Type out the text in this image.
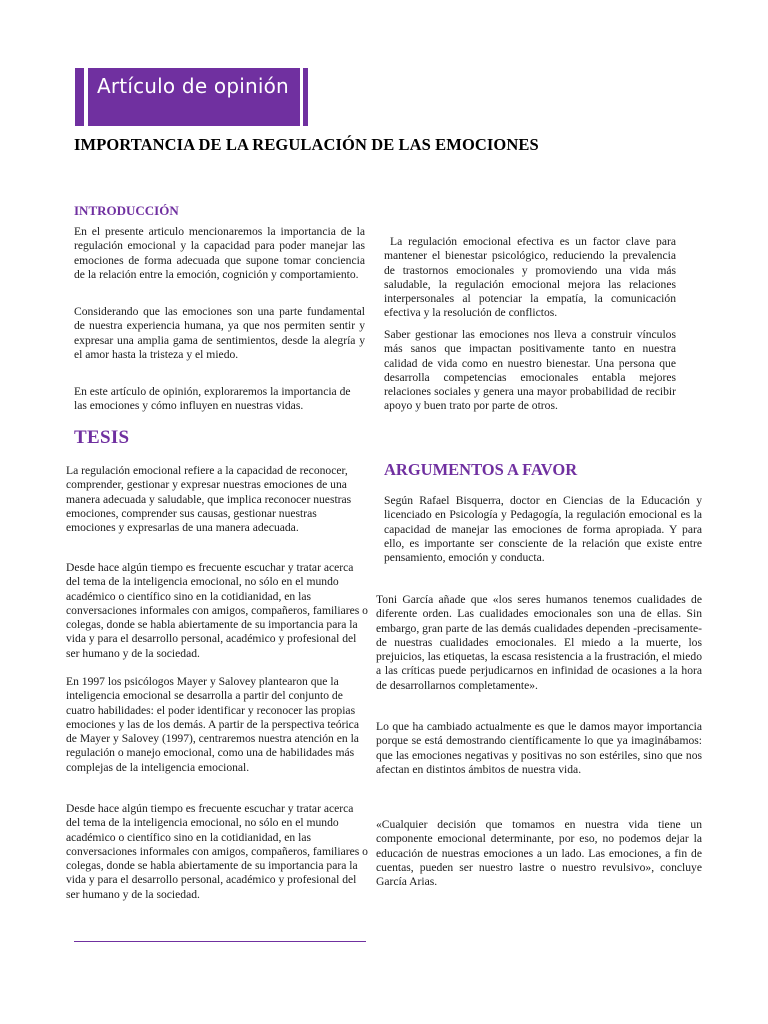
Artículo de opinión
IMPORTANCIA DE LA REGULACIÓN DE LAS EMOCIONES
INTRODUCCIÓN

En el presente articulo mencionaremos la importancia de la regulación emocional y la capacidad para poder manejar las emociones de forma adecuada que supone tomar conciencia de la relación entre la emoción, cognición y comportamiento.

Considerando que las emociones son una parte fundamental de nuestra experiencia humana, ya que nos permiten sentir y expresar una amplia gama de sentimientos, desde la alegría y el amor hasta la tristeza y el miedo.

En este artículo de opinión, exploraremos la importancia de las emociones y cómo influyen en nuestras vidas.

TESIS

La regulación emocional refiere a la capacidad de reconocer, comprender, gestionar y expresar nuestras emociones de una manera adecuada y saludable, que implica reconocer nuestras emociones, comprender sus causas, gestionar nuestras emociones y expresarlas de una manera adecuada.

Desde hace algún tiempo es frecuente escuchar y tratar acerca del tema de la inteligencia emocional, no sólo en el mundo académico o científico sino en la cotidianidad, en las conversaciones informales con amigos, compañeros, familiares o colegas, donde se habla abiertamente de su importancia para la vida y para el desarrollo personal, académico y profesional del ser humano y de la sociedad.

En 1997 los psicólogos Mayer y Salovey plantearon que la inteligencia emocional se desarrolla a partir del conjunto de cuatro habilidades: el poder identificar y reconocer las propias emociones y las de los demás. A partir de la perspectiva teórica de Mayer y Salovey (1997), centraremos nuestra atención en la regulación o manejo emocional, como una de habilidades más complejas de la inteligencia emocional.

Desde hace algún tiempo es frecuente escuchar y tratar acerca del tema de la inteligencia emocional, no sólo en el mundo académico o científico sino en la cotidianidad, en las conversaciones informales con amigos, compañeros, familiares o colegas, donde se habla abiertamente de su importancia para la vida y para el desarrollo personal, académico y profesional del ser humano y de la sociedad.

La regulación emocional efectiva es un factor clave para mantener el bienestar psicológico, reduciendo la prevalencia de trastornos emocionales y promoviendo una vida más saludable, la regulación emocional mejora las relaciones interpersonales al potenciar la empatía, la comunicación efectiva y la resolución de conflictos.

Saber gestionar las emociones nos lleva a construir vínculos más sanos que impactan positivamente tanto en nuestra calidad de vida como en nuestro bienestar. Una persona que desarrolla competencias emocionales entabla mejores relaciones sociales y genera una mayor probabilidad de recibir apoyo y buen trato por parte de otros.

ARGUMENTOS A FAVOR

Según Rafael Bisquerra, doctor en Ciencias de la Educación y licenciado en Psicología y Pedagogía, la regulación emocional es la capacidad de manejar las emociones de forma apropiada. Y para ello, es importante ser consciente de la relación que existe entre pensamiento, emoción y conducta.

Toni García añade que «los seres humanos tenemos cualidades de diferente orden. Las cualidades emocionales son una de ellas. Sin embargo, gran parte de las demás cualidades dependen -precisamente- de nuestras cualidades emocionales. El miedo a la muerte, los prejuicios, las etiquetas, la escasa resistencia a la frustración, el miedo a las críticas puede perjudicarnos en infinidad de ocasiones a la hora de desarrollarnos completamente».

Lo que ha cambiado actualmente es que le damos mayor importancia porque se está demostrando científicamente lo que ya imaginábamos: que las emociones negativas y positivas no son estériles, sino que nos afectan en distintos ámbitos de nuestra vida.

«Cualquier decisión que tomamos en nuestra vida tiene un componente emocional determinante, por eso, no podemos dejar la educación de nuestras emociones a un lado. Las emociones, a fin de cuentas, pueden ser nuestro lastre o nuestro revulsivo», concluye García Arias.
